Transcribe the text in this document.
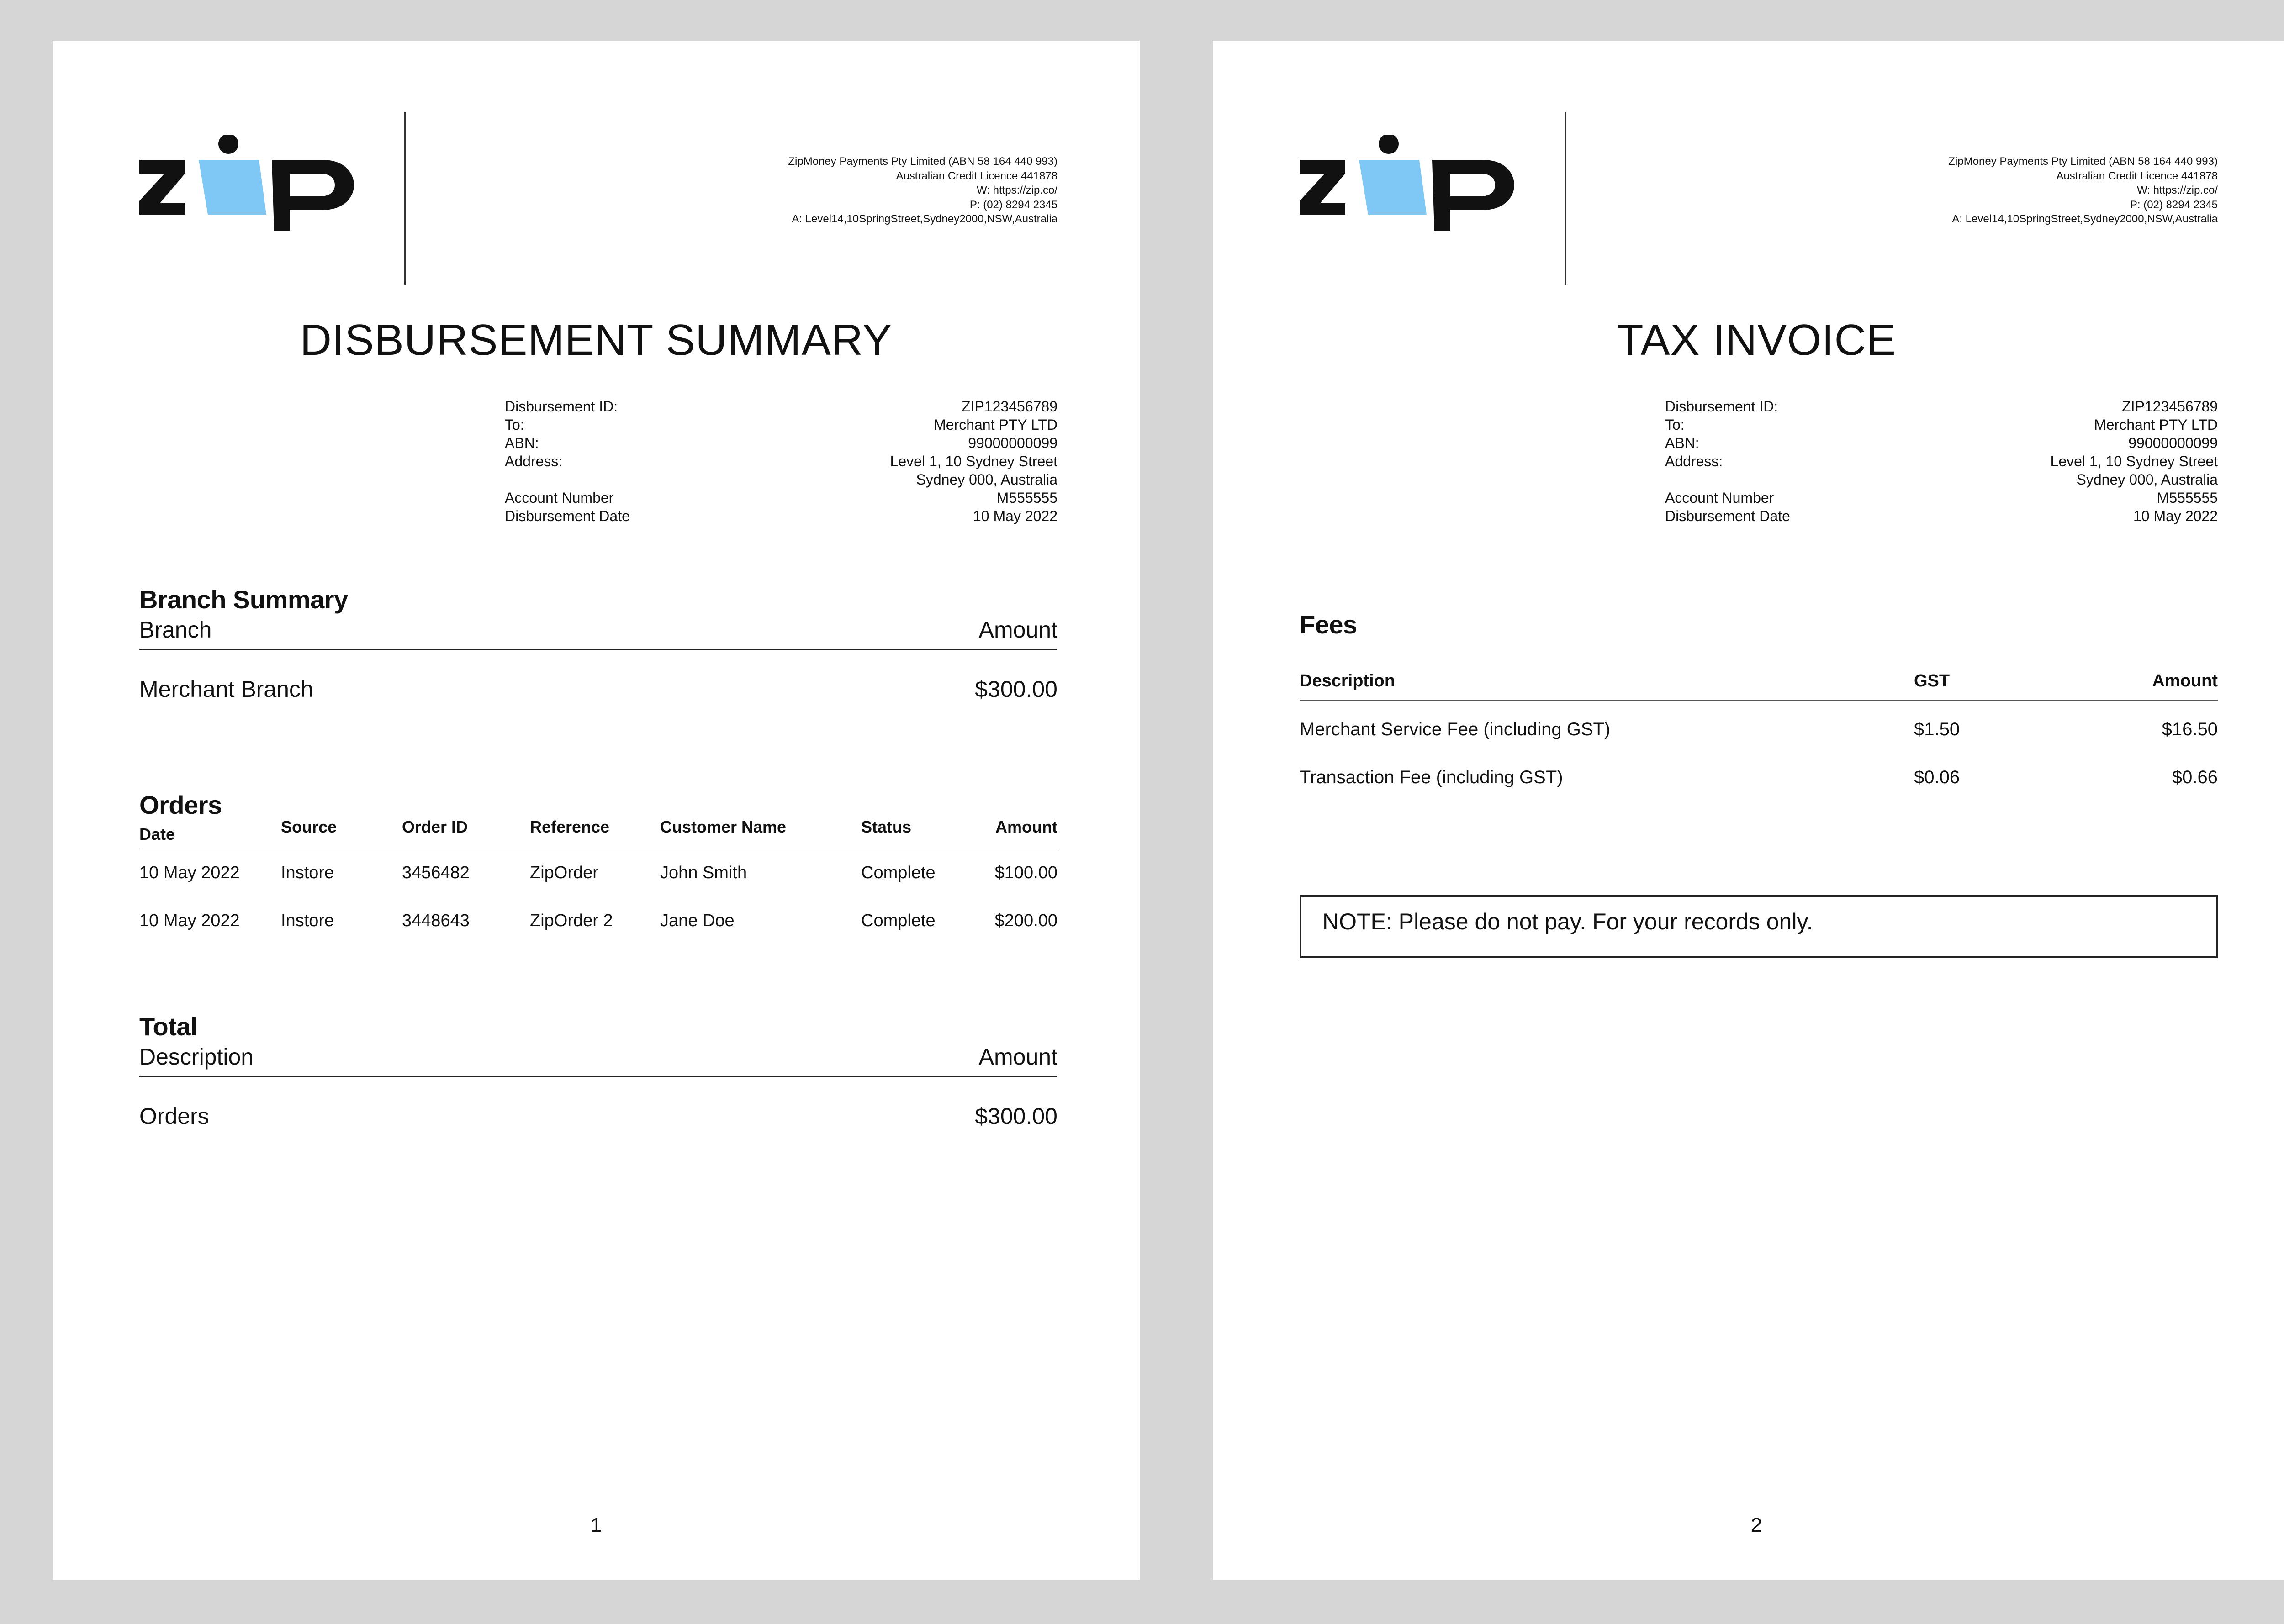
ZipMoney Payments Pty Limited (ABN 58 164 440 993)
Australian Credit Licence 441878
W: https://zip.co/
P: (02) 8294 2345
A: Level14,10SpringStreet,Sydney2000,NSW,Australia
DISBURSEMENT SUMMARY
Disbursement ID:	ZIP123456789
To:	Merchant PTY LTD
ABN:	99000000099
Address:	Level 1, 10 Sydney Street
Sydney 000, Australia
Account Number	M555555
Disbursement Date	10 May 2022
Branch Summary
Branch	Amount
Merchant Branch	$300.00
Orders
Date	Source	Order ID	Reference	Customer Name	Status	Amount
10 May 2022 Instore	3456482	ZipOrder	John Smith	Complete	$100.00
10 May 2022 Instore	3448643	ZipOrder 2	Jane Doe	Complete	$200.00
Total
Description	Amount
Orders	$300.00
1
ZipMoney Payments Pty Limited (ABN 58 164 440 993)
Australian Credit Licence 441878
W: https://zip.co/
P: (02) 8294 2345
A: Level14,10SpringStreet,Sydney2000,NSW,Australia
TAX INVOICE
Disbursement ID:	ZIP123456789
To:	Merchant PTY LTD
ABN:	99000000099
Address:	Level 1, 10 Sydney Street
Sydney 000, Australia
Account Number	M555555
Disbursement Date	10 May 2022
Fees
Description	GST	Amount
Merchant Service Fee (including GST)	$1.50	$16.50
Transaction Fee (including GST)	$0.06	$0.66
NOTE: Please do not pay. For your records only.
2
